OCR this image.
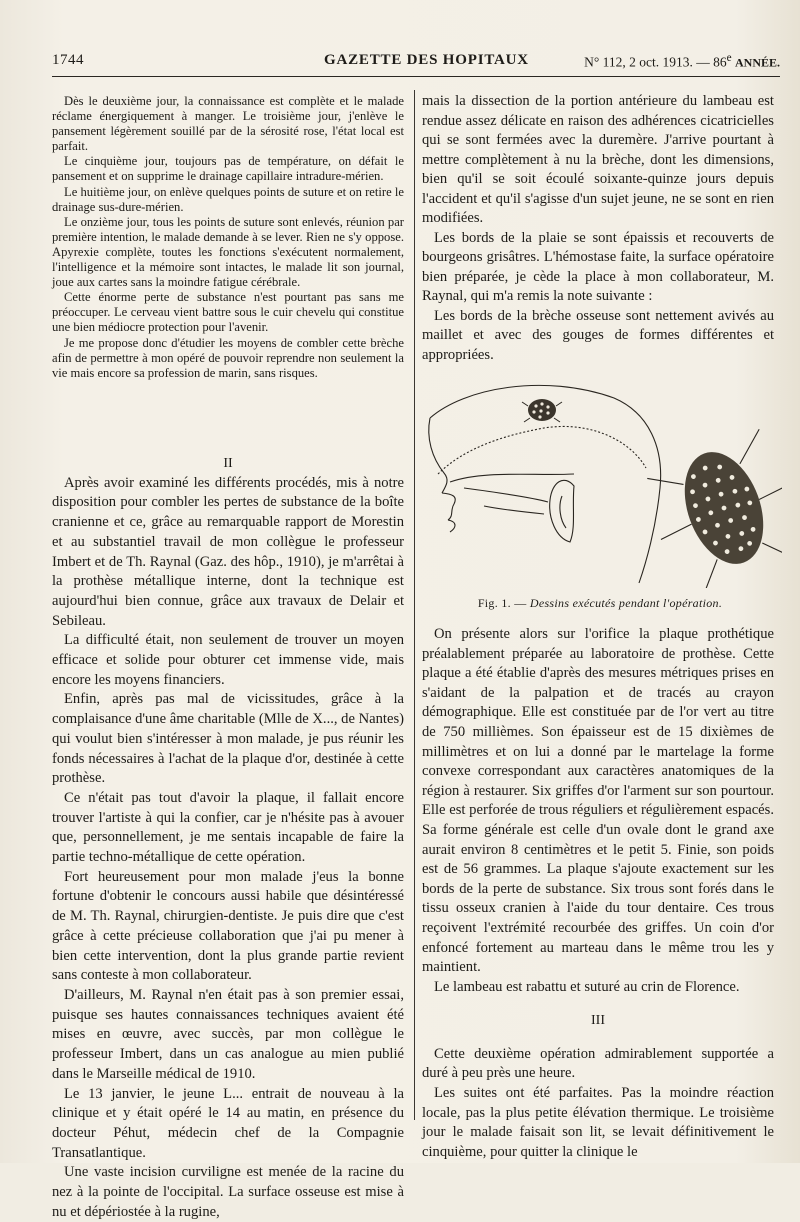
1744	GAZETTE DES HOPITAUX	N° 112, 2 oct. 1913. — 86e ANNÉE.

Dès le deuxième jour, la connaissance est complète et le malade réclame énergiquement à manger. Le troisième jour, j'enlève le pansement légèrement souillé par de la sérosité rose, l'état local est parfait.

Le cinquième jour, toujours pas de température, on défait le pansement et on supprime le drainage capillaire intradure-mérien.

Le huitième jour, on enlève quelques points de suture et on retire le drainage sus-dure-mérien.

Le onzième jour, tous les points de suture sont enlevés, réunion par première intention, le malade demande à se lever. Rien ne s'y oppose. Apyrexie complète, toutes les fonctions s'exécutent normalement, l'intelligence et la mémoire sont intactes, le malade lit son journal, joue aux cartes sans la moindre fatigue cérébrale.

Cette énorme perte de substance n'est pourtant pas sans me préoccuper. Le cerveau vient battre sous le cuir chevelu qui constitue une bien médiocre protection pour l'avenir.

Je me propose donc d'étudier les moyens de combler cette brèche afin de permettre à mon opéré de pouvoir reprendre non seulement la vie mais encore sa profession de marin, sans risques.

II

Après avoir examiné les différents procédés, mis à notre disposition pour combler les pertes de substance de la boîte cranienne et ce, grâce au remarquable rapport de Morestin et au substantiel travail de mon collègue le professeur Imbert et de Th. Raynal (Gaz. des hôp., 1910), je m'arrêtai à la prothèse métallique interne, dont la technique est aujourd'hui bien connue, grâce aux travaux de Delair et Sebileau.

La difficulté était, non seulement de trouver un moyen efficace et solide pour obturer cet immense vide, mais encore les moyens financiers.

Enfin, après pas mal de vicissitudes, grâce à la complaisance d'une âme charitable (Mlle de X..., de Nantes) qui voulut bien s'intéresser à mon malade, je pus réunir les fonds nécessaires à l'achat de la plaque d'or, destinée à cette prothèse.

Ce n'était pas tout d'avoir la plaque, il fallait encore trouver l'artiste à qui la confier, car je n'hésite pas à avouer que, personnellement, je me sentais incapable de faire la partie techno-métallique de cette opération.

Fort heureusement pour mon malade j'eus la bonne fortune d'obtenir le concours aussi habile que désintéressé de M. Th. Raynal, chirurgien-dentiste. Je puis dire que c'est grâce à cette précieuse collaboration que j'ai pu mener à bien cette intervention, dont la plus grande partie revient sans conteste à mon collaborateur.

D'ailleurs, M. Raynal n'en était pas à son premier essai, puisque ses hautes connaissances techniques avaient été mises en œuvre, avec succès, par mon collègue le professeur Imbert, dans un cas analogue au mien publié dans le Marseille médical de 1910.

Le 13 janvier, le jeune L... entrait de nouveau à la clinique et y était opéré le 14 au matin, en présence du docteur Péhut, médecin chef de la Compagnie Transatlantique.

Une vaste incision curviligne est menée de la racine du nez à la pointe de l'occipital. La surface osseuse est mise à nu et dépériostée à la rugine,

mais la dissection de la portion antérieure du lambeau est rendue assez délicate en raison des adhérences cicatricielles qui se sont fermées avec la duremère. J'arrive pourtant à mettre complètement à nu la brèche, dont les dimensions, bien qu'il se soit écoulé soixante-quinze jours depuis l'accident et qu'il s'agisse d'un sujet jeune, ne se sont en rien modifiées.

Les bords de la plaie se sont épaissis et recouverts de bourgeons grisâtres. L'hémostase faite, la surface opératoire bien préparée, je cède la place à mon collaborateur, M. Raynal, qui m'a remis la note suivante :

Les bords de la brèche osseuse sont nettement avivés au maillet et avec des gouges de formes différentes et appropriées.

Fig. 1. — Dessins exécutés pendant l'opération.

On présente alors sur l'orifice la plaque prothétique préalablement préparée au laboratoire de prothèse. Cette plaque a été établie d'après des mesures métriques prises en s'aidant de la palpation et de tracés au crayon démographique. Elle est constituée par de l'or vert au titre de 750 millièmes. Son épaisseur est de 15 dixièmes de millimètres et on lui a donné par le martelage la forme convexe correspondant aux caractères anatomiques de la région à restaurer. Six griffes d'or l'arment sur son pourtour. Elle est perforée de trous réguliers et régulièrement espacés. Sa forme générale est celle d'un ovale dont le grand axe aurait environ 8 centimètres et le petit 5. Finie, son poids est de 56 grammes. La plaque s'ajoute exactement sur les bords de la perte de substance. Six trous sont forés dans le tissu osseux cranien à l'aide du tour dentaire. Ces trous reçoivent l'extrémité recourbée des griffes. Un coin d'or enfoncé fortement au marteau dans le même trou les y maintient.

Le lambeau est rabattu et suturé au crin de Florence.

III

Cette deuxième opération admirablement supportée a duré à peu près une heure.

Les suites ont été parfaites. Pas la moindre réaction locale, pas la plus petite élévation thermique. Le troisième jour le malade faisait son lit, se levait définitivement le cinquième, pour quitter la clinique le
